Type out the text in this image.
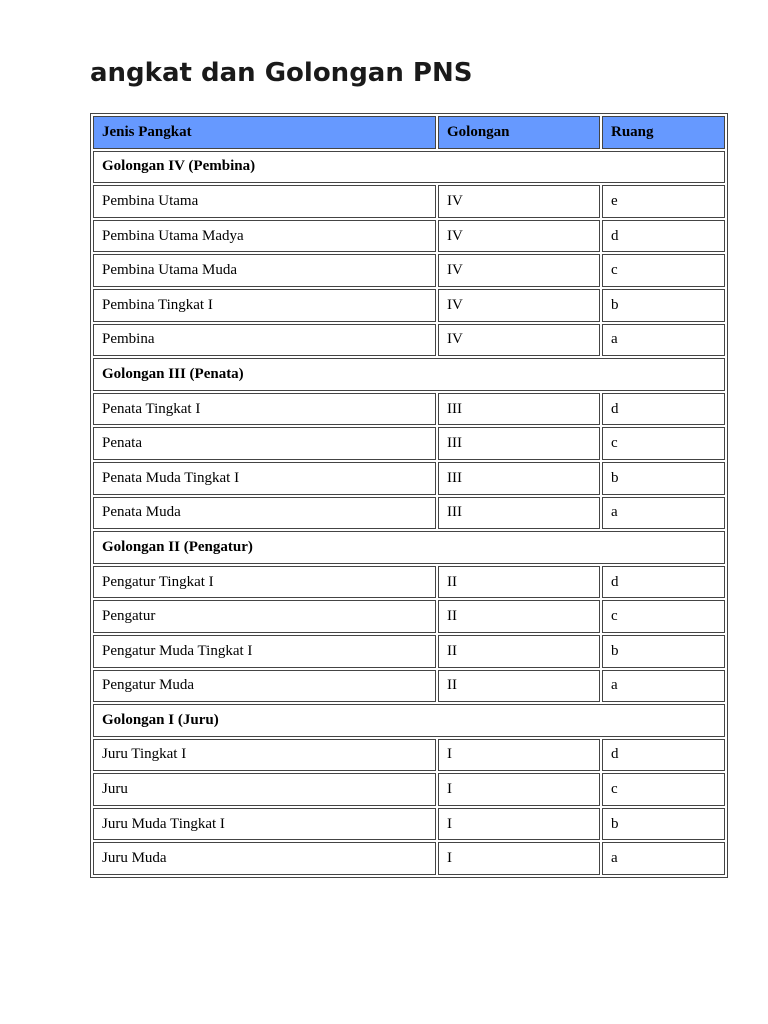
angkat dan Golongan PNS
Jenis Pangkat	Golongan	Ruang
Golongan IV (Pembina)		
Pembina Utama	IV	e
Pembina Utama Madya	IV	d
Pembina Utama Muda	IV	c
Pembina Tingkat I	IV	b
Pembina	IV	a
Golongan III (Penata)		
Penata Tingkat I	III	d
Penata	III	c
Penata Muda Tingkat I	III	b
Penata Muda	III	a
Golongan II (Pengatur)		
Pengatur Tingkat I	II	d
Pengatur	II	c
Pengatur Muda Tingkat I	II	b
Pengatur Muda	II	a
Golongan I (Juru)		
Juru Tingkat I	I	d
Juru	I	c
Juru Muda Tingkat I	I	b
Juru Muda	I	a
